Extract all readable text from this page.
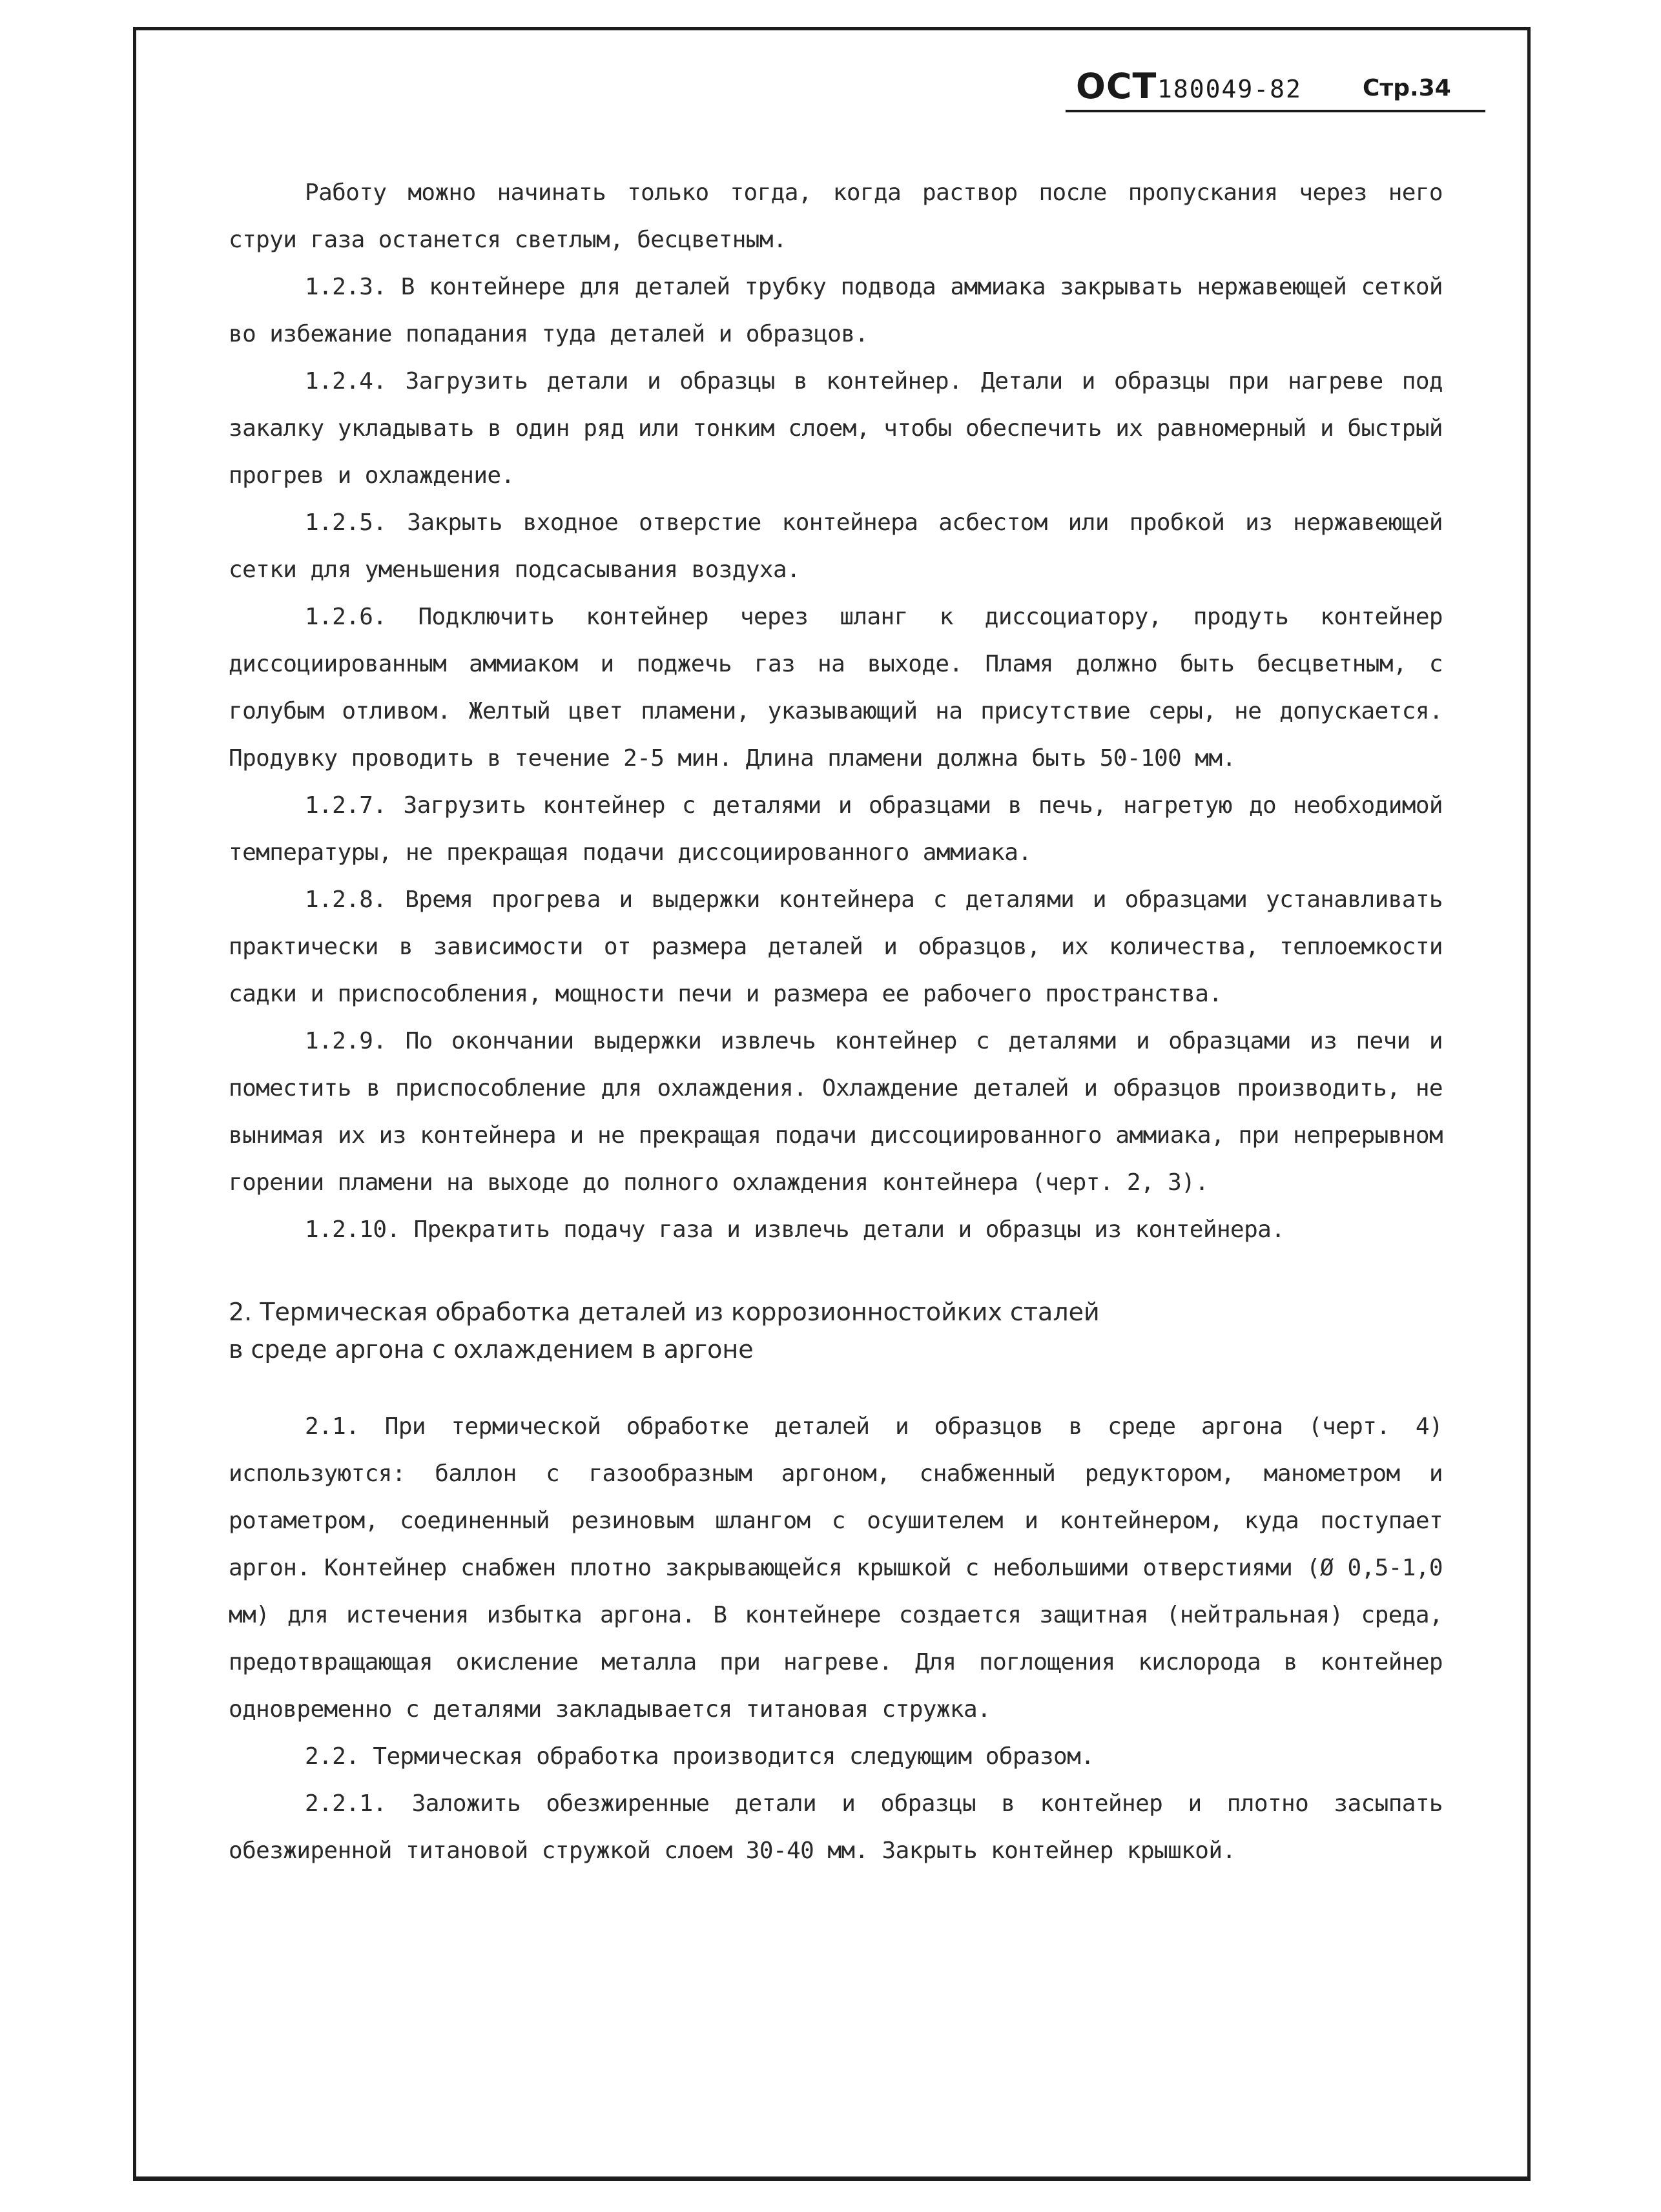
ОСТ 180049-82	Стр.34

Работу можно начинать только тогда, когда раствор после пропускания через него струи газа останется светлым, бесцветным.

1.2.3. В контейнере для деталей трубку подвода аммиака закрывать нержавеющей сеткой во избежание попадания туда деталей и образцов.

1.2.4. Загрузить детали и образцы в контейнер. Детали и образцы при нагреве под закалку укладывать в один ряд или тонким слоем, чтобы обеспечить их равномерный и быстрый прогрев и охлаждение.

1.2.5. Закрыть входное отверстие контейнера асбестом или пробкой из нержавеющей сетки для уменьшения подсасывания воздуха.

1.2.6. Подключить контейнер через шланг к диссоциатору, продуть контейнер диссоциированным аммиаком и поджечь газ на выходе. Пламя должно быть бесцветным, с голубым отливом. Желтый цвет пламени, указывающий на присутствие серы, не допускается. Продувку проводить в течение 2-5 мин. Длина пламени должна быть 50-100 мм.

1.2.7. Загрузить контейнер с деталями и образцами в печь, нагретую до необходимой температуры, не прекращая подачи диссоциированного аммиака.

1.2.8. Время прогрева и выдержки контейнера с деталями и образцами устанавливать практически в зависимости от размера деталей и образцов, их количества, теплоемкости садки и приспособления, мощности печи и размера ее рабочего пространства.

1.2.9. По окончании выдержки извлечь контейнер с деталями и образцами из печи и поместить в приспособление для охлаждения. Охлаждение деталей и образцов производить, не вынимая их из контейнера и не прекращая подачи диссоциированного аммиака, при непрерывном горении пламени на выходе до полного охлаждения контейнера (черт. 2, 3).

1.2.10. Прекратить подачу газа и извлечь детали и образцы из контейнера.

2. Термическая обработка деталей из коррозионностойких сталей
в среде аргона с охлаждением в аргоне

2.1. При термической обработке деталей и образцов в среде аргона (черт. 4) используются: баллон с газообразным аргоном, снабженный редуктором, манометром и ротаметром, соединенный резиновым шлангом с осушителем и контейнером, куда поступает аргон. Контейнер снабжен плотно закрывающейся крышкой с небольшими отверстиями (Ø 0,5-1,0 мм) для истечения избытка аргона. В контейнере создается защитная (нейтральная) среда, предотвращающая окисление металла при нагреве. Для поглощения кислорода в контейнер одновременно с деталями закладывается титановая стружка.

2.2. Термическая обработка производится следующим образом.

2.2.1. Заложить обезжиренные детали и образцы в контейнер и плотно засыпать обезжиренной титановой стружкой слоем 30-40 мм. Закрыть контейнер крышкой.
